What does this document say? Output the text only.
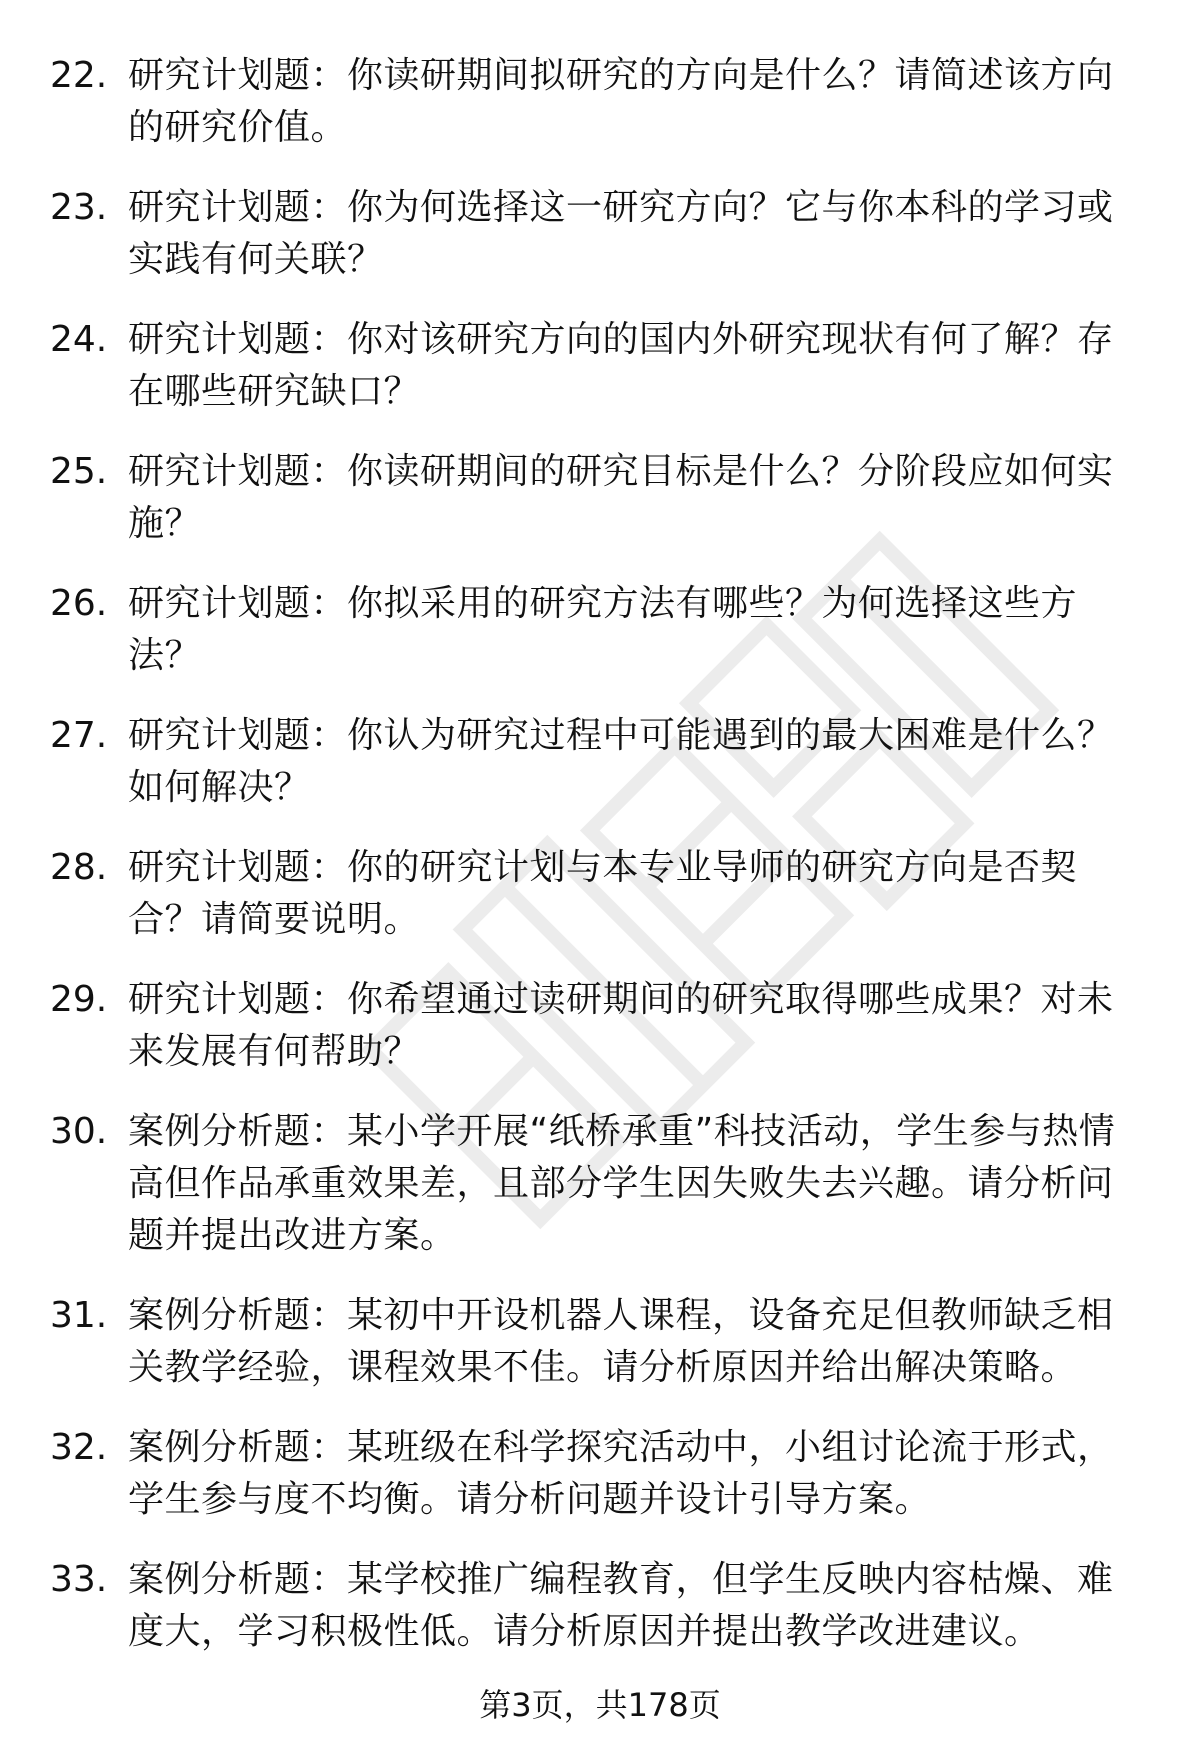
22. 研究计划题：你读研期间拟研究的方向是什么？请简述该方向的研究价值。
23. 研究计划题：你为何选择这一研究方向？它与你本科的学习或实践有何关联？
24. 研究计划题：你对该研究方向的国内外研究现状有何了解？存在哪些研究缺口？
25. 研究计划题：你读研期间的研究目标是什么？分阶段应如何实施？
26. 研究计划题：你拟采用的研究方法有哪些？为何选择这些方法？
27. 研究计划题：你认为研究过程中可能遇到的最大困难是什么？如何解决？
28. 研究计划题：你的研究计划与本专业导师的研究方向是否契合？请简要说明。
29. 研究计划题：你希望通过读研期间的研究取得哪些成果？对未来发展有何帮助？
30. 案例分析题：某小学开展“纸桥承重”科技活动，学生参与热情高但作品承重效果差，且部分学生因失败失去兴趣。请分析问题并提出改进方案。
31. 案例分析题：某初中开设机器人课程，设备充足但教师缺乏相关教学经验，课程效果不佳。请分析原因并给出解决策略。
32. 案例分析题：某班级在科学探究活动中，小组讨论流于形式，学生参与度不均衡。请分析问题并设计引导方案。
33. 案例分析题：某学校推广编程教育，但学生反映内容枯燥、难度大，学习积极性低。请分析原因并提出教学改进建议。
第3页，共178页
